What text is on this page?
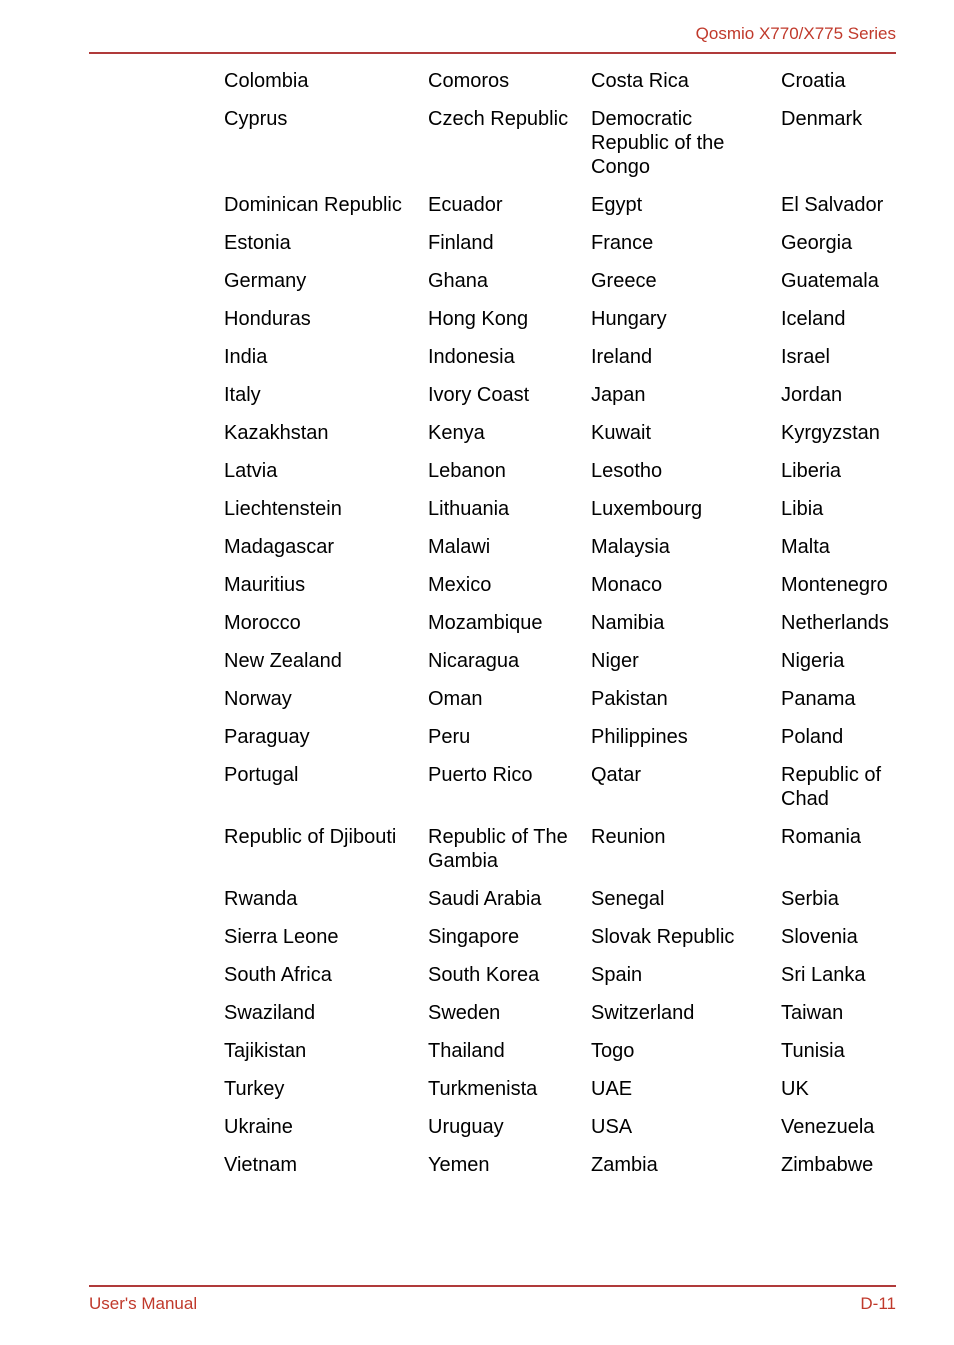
Qosmio X770/X775 Series
Colombia	Comoros	Costa Rica	Croatia

Cyprus	Czech Republic	Democratic Republic of the Congo	Denmark

Dominican Republic	Ecuador	Egypt	El Salvador

Estonia	Finland	France	Georgia

Germany	Ghana	Greece	Guatemala

Honduras	Hong Kong	Hungary	Iceland

India	Indonesia	Ireland	Israel

Italy	Ivory Coast	Japan	Jordan

Kazakhstan	Kenya	Kuwait	Kyrgyzstan

Latvia	Lebanon	Lesotho	Liberia

Liechtenstein	Lithuania	Luxembourg	Libia

Madagascar	Malawi	Malaysia	Malta

Mauritius	Mexico	Monaco	Montenegro

Morocco	Mozambique	Namibia	Netherlands

New Zealand	Nicaragua	Niger	Nigeria

Norway	Oman	Pakistan	Panama

Paraguay	Peru	Philippines	Poland

Portugal	Puerto Rico	Qatar	Republic of Chad

Republic of Djibouti	Republic of The Gambia	Reunion	Romania

Rwanda	Saudi Arabia	Senegal	Serbia

Sierra Leone	Singapore	Slovak Republic	Slovenia

South Africa	South Korea	Spain	Sri Lanka

Swaziland	Sweden	Switzerland	Taiwan

Tajikistan	Thailand	Togo	Tunisia

Turkey	Turkmenista	UAE	UK

Ukraine	Uruguay	USA	Venezuela

Vietnam	Yemen	Zambia	Zimbabwe
User's Manual	D-11
